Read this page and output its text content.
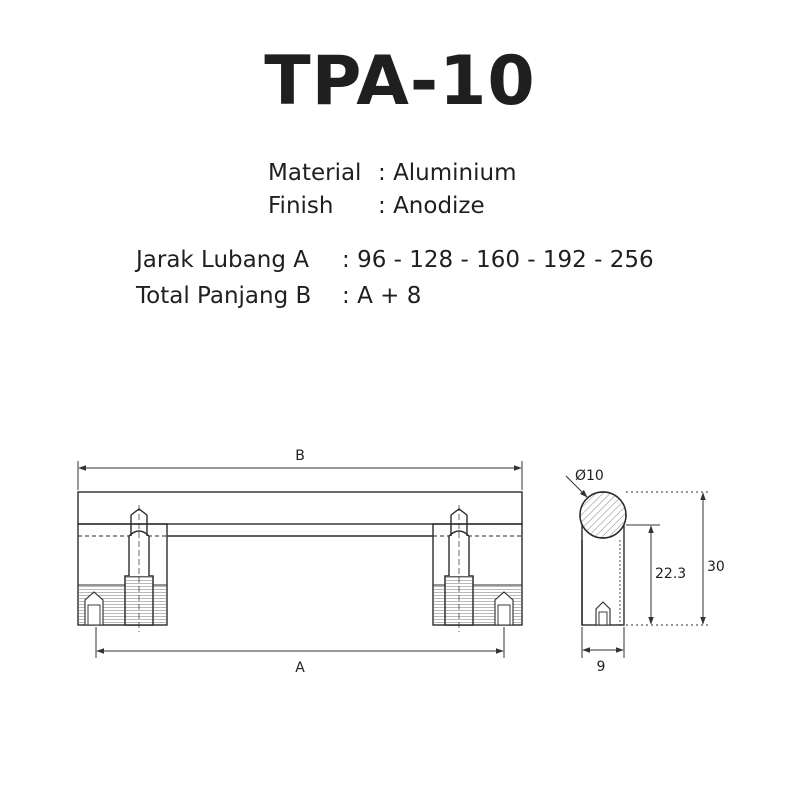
TPA-10
Material : Aluminium
Finish : Anodize
Jarak Lubang A : 96 - 128 - 160 - 192 - 256
Total Panjang B : A + 8
B
A
Ø10
30
22.3
9
